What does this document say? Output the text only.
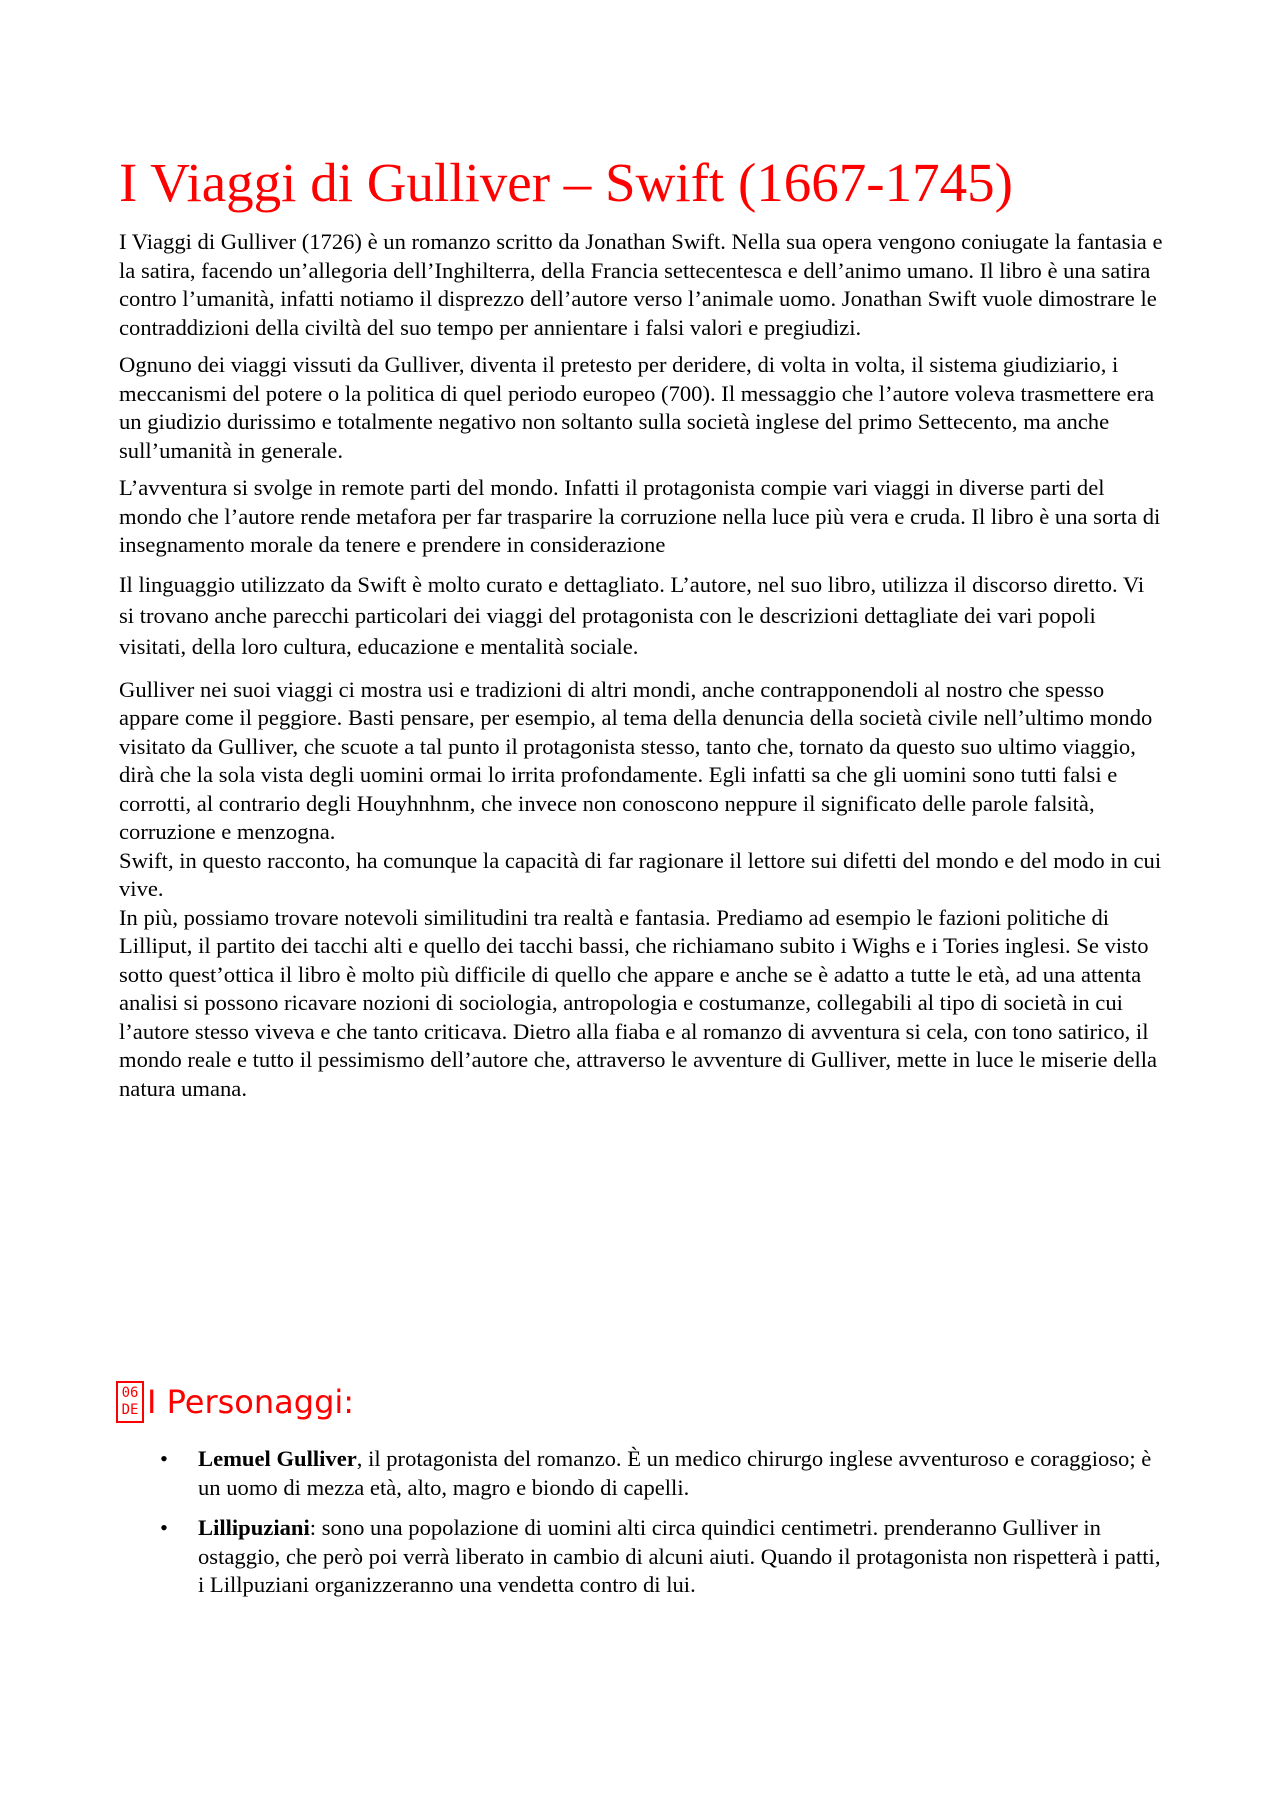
I Viaggi di Gulliver – Swift (1667-1745)

I Viaggi di Gulliver (1726) è un romanzo scritto da Jonathan Swift. Nella sua opera vengono coniugate la fantasia e la satira, facendo un’allegoria dell’Inghilterra, della Francia settecentesca e dell’animo umano. Il libro è una satira contro l’umanità, infatti notiamo il disprezzo dell’autore verso l’animale uomo. Jonathan Swift vuole dimostrare le contraddizioni della civiltà del suo tempo per annientare i falsi valori e pregiudizi.

Ognuno dei viaggi vissuti da Gulliver, diventa il pretesto per deridere, di volta in volta, il sistema giudiziario, i meccanismi del potere o la politica di quel periodo europeo (700). Il messaggio che l’autore voleva trasmettere era un giudizio durissimo e totalmente negativo non soltanto sulla società inglese del primo Settecento, ma anche sull’umanità in generale.

L’avventura si svolge in remote parti del mondo. Infatti il protagonista compie vari viaggi in diverse parti del mondo che l’autore rende metafora per far trasparire la corruzione nella luce più vera e cruda. Il libro è una sorta di insegnamento morale da tenere e prendere in considerazione

Il linguaggio utilizzato da Swift è molto curato e dettagliato. L’autore, nel suo libro, utilizza il discorso diretto. Vi si trovano anche parecchi particolari dei viaggi del protagonista con le descrizioni dettagliate dei vari popoli visitati, della loro cultura, educazione e mentalità sociale.

Gulliver nei suoi viaggi ci mostra usi e tradizioni di altri mondi, anche contrapponendoli al nostro che spesso appare come il peggiore. Basti pensare, per esempio, al tema della denuncia della società civile nell’ultimo mondo visitato da Gulliver, che scuote a tal punto il protagonista stesso, tanto che, tornato da questo suo ultimo viaggio, dirà che la sola vista degli uomini ormai lo irrita profondamente. Egli infatti sa che gli uomini sono tutti falsi e corrotti, al contrario degli Houyhnhnm, che invece non conoscono neppure il significato delle parole falsità, corruzione e menzogna.

Swift, in questo racconto, ha comunque la capacità di far ragionare il lettore sui difetti del mondo e del modo in cui vive.

In più, possiamo trovare notevoli similitudini tra realtà e fantasia. Prediamo ad esempio le fazioni politiche di Lilliput, il partito dei tacchi alti e quello dei tacchi bassi, che richiamano subito i Wighs e i Tories inglesi. Se visto sotto quest’ottica il libro è molto più difficile di quello che appare e anche se è adatto a tutte le età, ad una attenta analisi si possono ricavare nozioni di sociologia, antropologia e costumanze, collegabili al tipo di società in cui l’autore stesso viveva e che tanto criticava. Dietro alla fiaba e al romanzo di avventura si cela, con tono satirico, il mondo reale e tutto il pessimismo dell’autore che, attraverso le avventure di Gulliver, mette in luce le miserie della natura umana.

06
DE I Personaggi:
• Lemuel Gulliver, il protagonista del romanzo. È un medico chirurgo inglese avventuroso e coraggioso; è un uomo di mezza età, alto, magro e biondo di capelli.
• Lillipuziani: sono una popolazione di uomini alti circa quindici centimetri. prenderanno Gulliver in ostaggio, che però poi verrà liberato in cambio di alcuni aiuti. Quando il protagonista non rispetterà i patti, i Lillpuziani organizzeranno una vendetta contro di lui.
